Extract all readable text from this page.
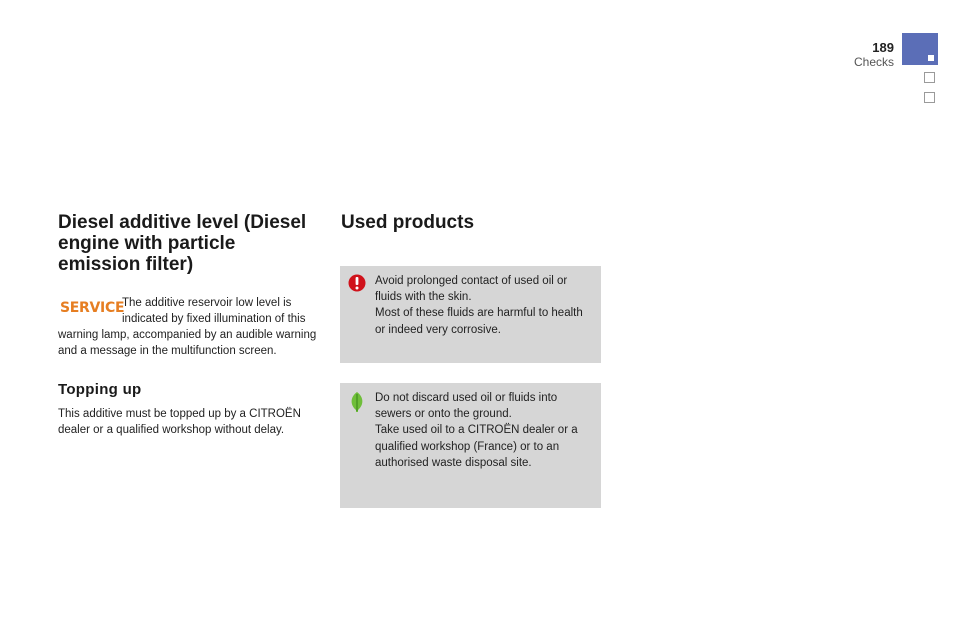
189
Checks
Diesel additive level (Diesel engine with particle emission filter)
SERVICE

The additive reservoir low level is indicated by fixed illumination of this warning lamp, accompanied by an audible warning and a message in the multifunction screen.

Topping up

This additive must be topped up by a CITROËN dealer or a qualified workshop without delay.

Used products

Avoid prolonged contact of used oil or fluids with the skin.

Most of these fluids are harmful to health or indeed very corrosive.

Do not discard used oil or fluids into sewers or onto the ground.

Take used oil to a CITROËN dealer or a qualified workshop (France) or to an authorised waste disposal site.
